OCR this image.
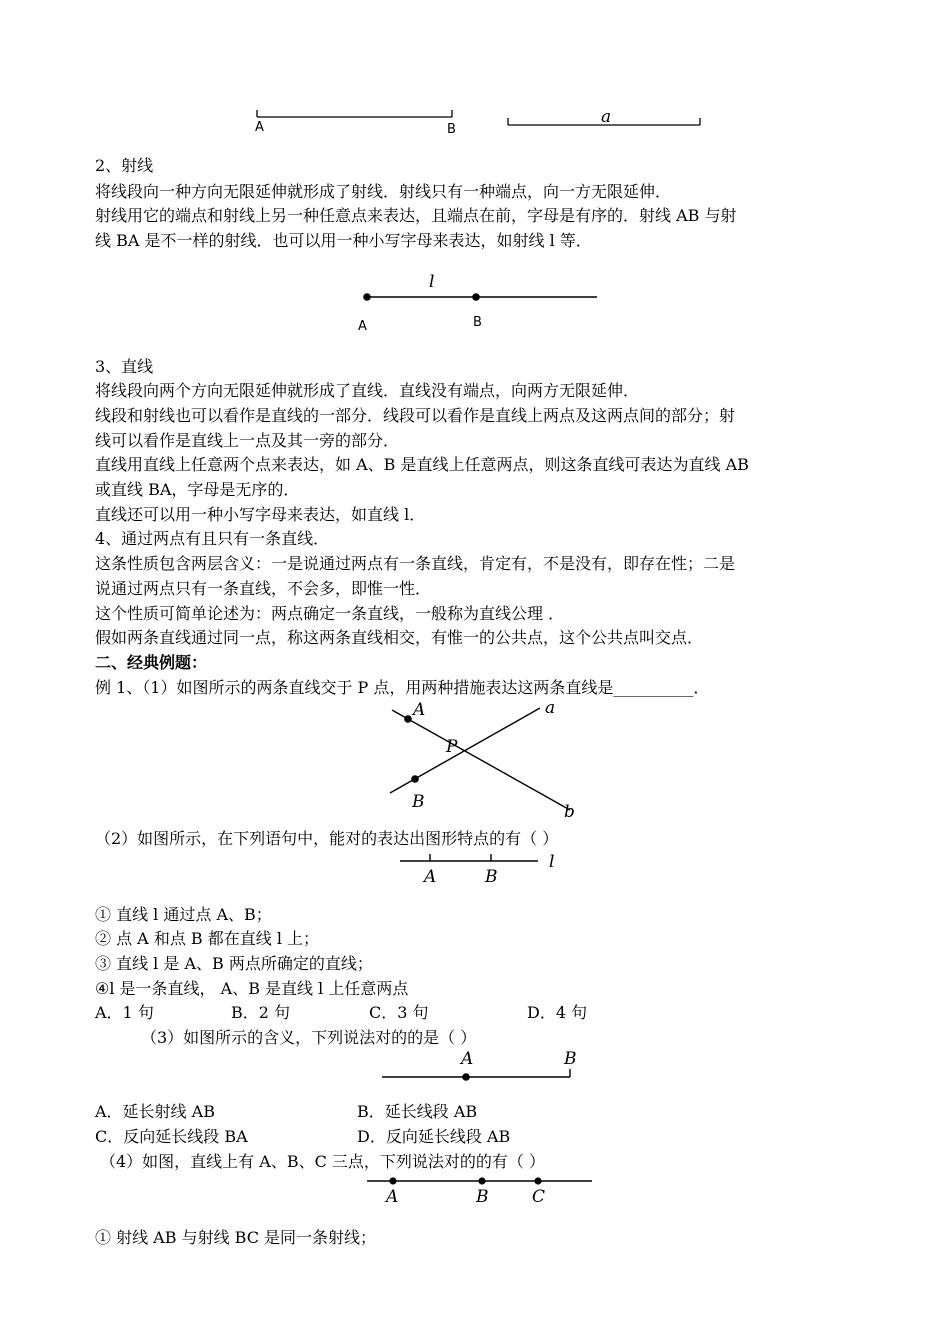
A	B
a
2、射线
将线段向一种方向无限延伸就形成了射线．射线只有一种端点，向一方无限延伸．
射线用它的端点和射线上另一种任意点来表达，且端点在前，字母是有序的．射线 AB 与射
线 BA 是不一样的射线．也可以用一种小写字母来表达，如射线 l 等．
l
A	B
3、直线
将线段向两个方向无限延伸就形成了直线．直线没有端点，向两方无限延伸．
线段和射线也可以看作是直线的一部分．线段可以看作是直线上两点及这两点间的部分；射
线可以看作是直线上一点及其一旁的部分．
直线用直线上任意两个点来表达，如 A、B 是直线上任意两点，则这条直线可表达为直线 AB
或直线 BA，字母是无序的．
直线还可以用一种小写字母来表达，如直线 l．
4、通过两点有且只有一条直线．
这条性质包含两层含义：一是说通过两点有一条直线，肯定有，不是没有，即存在性；二是
说通过两点只有一条直线，不会多，即惟一性．
这个性质可简单论述为：两点确定一条直线，一般称为直线公理 ．
假如两条直线通过同一点，称这两条直线相交，有惟一的公共点，这个公共点叫交点．
二、经典例题：
例 1、（1）如图所示的两条直线交于 P 点，用两种措施表达这两条直线是__________．
A
B
P
a
b
（2）如图所示，在下列语句中，能对的表达出图形特点的有（ ）
A	B
l
① 直线 l 通过点 A、B；
② 点 A 和点 B 都在直线 l 上；
③ 直线 l 是 A、B 两点所确定的直线；
④l 是一条直线， A、B 是直线 l 上任意两点
A．1 句	B．2 句	C．3 句	D．4 句
（3）如图所示的含义，下列说法对的的是（ ）
A	B
A．延长射线 AB	B．延长线段 AB
C．反向延长线段 BA	D．反向延长线段 AB
（4）如图，直线上有 A、B、C 三点，下列说法对的的有（ ）
A	B	C
① 射线 AB 与射线 BC 是同一条射线；
